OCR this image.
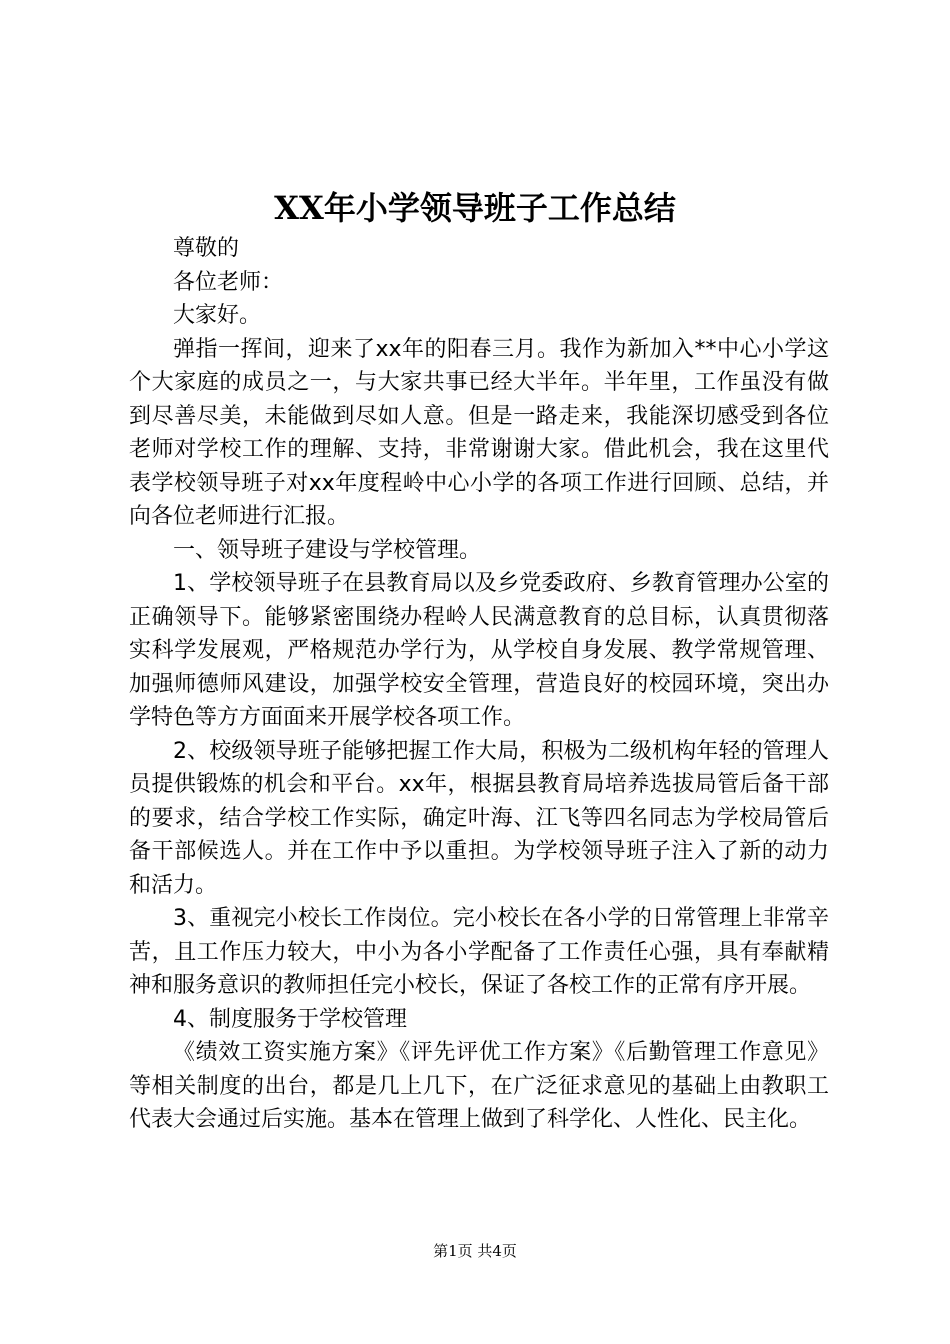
XX年小学领导班子工作总结

尊敬的

各位老师：

大家好。

弹指一挥间，迎来了xx年的阳春三月。我作为新加入**中心小学这个大家庭的成员之一，与大家共事已经大半年。半年里，工作虽没有做到尽善尽美，未能做到尽如人意。但是一路走来，我能深切感受到各位老师对学校工作的理解、支持，非常谢谢大家。借此机会，我在这里代表学校领导班子对xx年度程岭中心小学的各项工作进行回顾、总结，并向各位老师进行汇报。

一、领导班子建设与学校管理。

1、学校领导班子在县教育局以及乡党委政府、乡教育管理办公室的正确领导下。能够紧密围绕办程岭人民满意教育的总目标，认真贯彻落实科学发展观，严格规范办学行为，从学校自身发展、教学常规管理、加强师德师风建设，加强学校安全管理，营造良好的校园环境，突出办学特色等方方面面来开展学校各项工作。

2、校级领导班子能够把握工作大局，积极为二级机构年轻的管理人员提供锻炼的机会和平台。xx年，根据县教育局培养选拔局管后备干部的要求，结合学校工作实际，确定叶海、江飞等四名同志为学校局管后备干部候选人。并在工作中予以重担。为学校领导班子注入了新的动力和活力。

3、重视完小校长工作岗位。完小校长在各小学的日常管理上非常辛苦，且工作压力较大，中小为各小学配备了工作责任心强，具有奉献精神和服务意识的教师担任完小校长，保证了各校工作的正常有序开展。

4、制度服务于学校管理

《绩效工资实施方案》《评先评优工作方案》《后勤管理工作意见》等相关制度的出台，都是几上几下，在广泛征求意见的基础上由教职工代表大会通过后实施。基本在管理上做到了科学化、人性化、民主化。

第1页 共4页
